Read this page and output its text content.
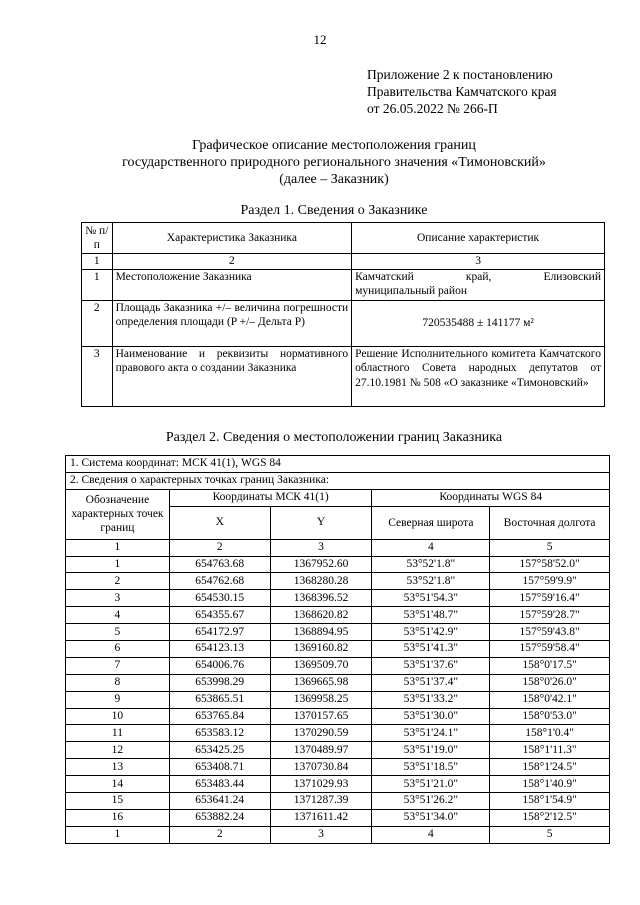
12
Приложение 2 к постановлению
Правительства Камчатского края
от 26.05.2022 № 266-П
Графическое описание местоположения границ
государственного природного регионального значения «Тимоновский»
(далее – Заказник)
Раздел 1. Сведения о Заказнике
№ п/п	Характеристика Заказника	Описание характеристик
1	2	3
1	Местоположение Заказника	Камчатский край, Елизовский
муниципальный район

2	Площадь Заказника +/– величина погрешности определения площади (P +/– Дельта P)	720535488 ± 141177 м²
3	Наименование и реквизиты нормативного правового акта о создании Заказника	Решение Исполнительного комитета Камчатского областного Совета народных депутатов от 27.10.1981 № 508 «О заказнике «Тимоновский»
Раздел 2. Сведения о местоположении границ Заказника
1. Система координат: МСК 41(1), WGS 84				
2. Сведения о характерных точках границ Заказника:				
Обозначение характерных точек границ	Координаты МСК 41(1)		Координаты WGS 84	
	X	Y	Северная широта	Восточная долгота
1	2	3	4	5
1	654763.68	1367952.60	53°52'1.8"	157°58'52.0"
2	654762.68	1368280.28	53°52'1.8"	157°59'9.9"
3	654530.15	1368396.52	53°51'54.3"	157°59'16.4"
4	654355.67	1368620.82	53°51'48.7"	157°59'28.7"
5	654172.97	1368894.95	53°51'42.9"	157°59'43.8"
6	654123.13	1369160.82	53°51'41.3"	157°59'58.4"
7	654006.76	1369509.70	53°51'37.6"	158°0'17.5"
8	653998.29	1369665.98	53°51'37.4"	158°0'26.0"
9	653865.51	1369958.25	53°51'33.2"	158°0'42.1"
10	653765.84	1370157.65	53°51'30.0"	158°0'53.0"
11	653583.12	1370290.59	53°51'24.1"	158°1'0.4"
12	653425.25	1370489.97	53°51'19.0"	158°1'11.3"
13	653408.71	1370730.84	53°51'18.5"	158°1'24.5"
14	653483.44	1371029.93	53°51'21.0"	158°1'40.9"
15	653641.24	1371287.39	53°51'26.2"	158°1'54.9"
16	653882.24	1371611.42	53°51'34.0"	158°2'12.5"
1	2	3	4	5
